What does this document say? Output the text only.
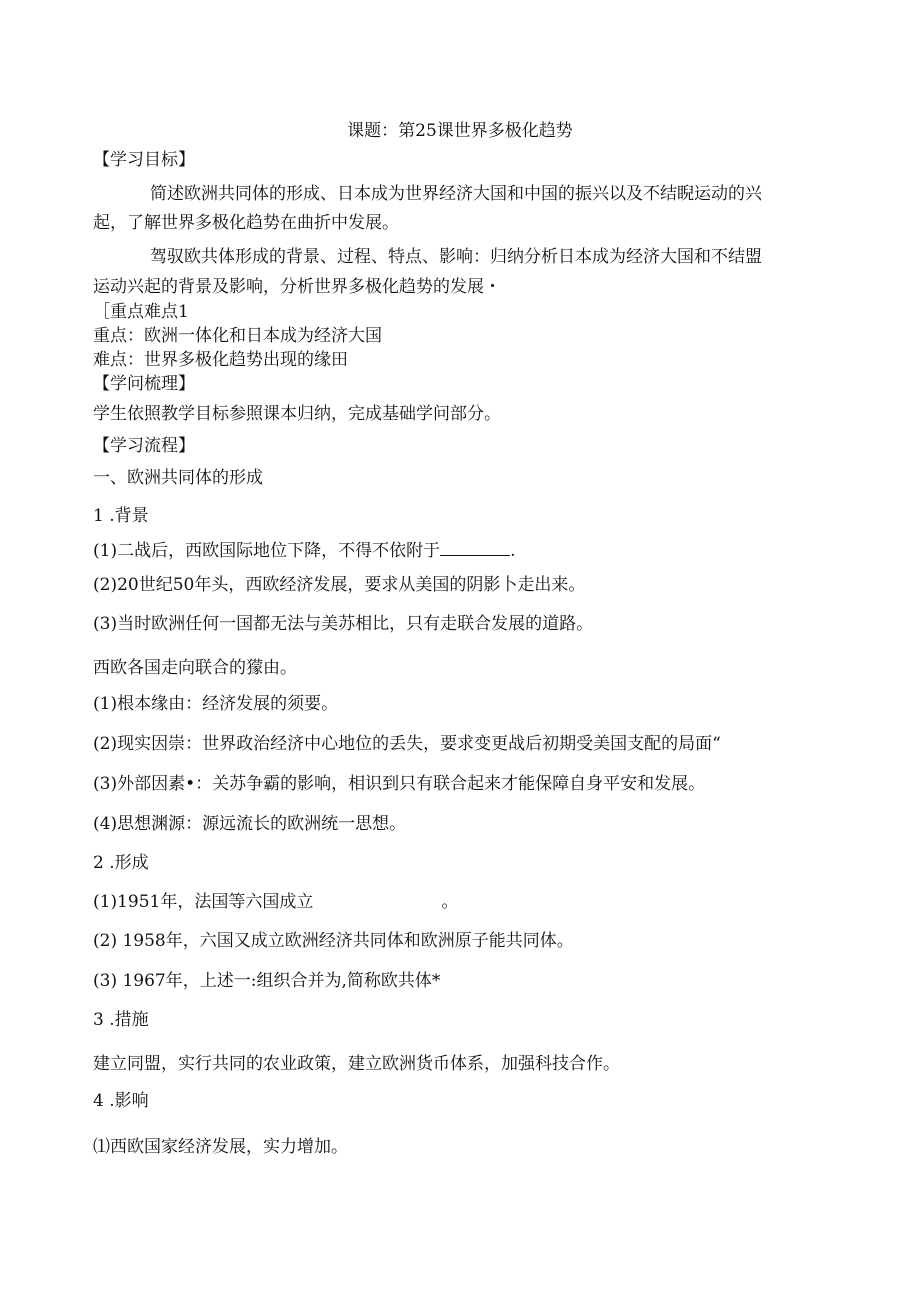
课题：第25课世界多极化趋势
【学习目标】
简述欧洲共同体的形成、日本成为世界经济大国和中国的振兴以及不结睨运动的兴
起，了解世界多极化趋势在曲折中发展。
驾驭欧共体形成的背景、过程、特点、影响：归纳分析日本成为经济大国和不结盟
运动兴起的背景及影响，分析世界多极化趋势的发展・
［重点难点1
重点：欧洲一体化和日本成为经济大国
难点：世界多极化趋势出现的缘田
【学问梳理】
学生依照教学目标参照课本归纳，完成基础学问部分。
【学习流程】
一、欧洲共同体的形成
1 .背景
(1)二战后，西欧国际地位下降，不得不依附于	.
(2)20世纪50年头，西欧经济发展，要求从美国的阴影卜走出来。
(3)当时欧洲任何一国都无法与美苏相比，只有走联合发展的道路。
西欧各国走向联合的獴由。
(1)根本缘由：经济发展的须要。
(2)现实因崇：世界政治经济中心地位的丢失，要求变更战后初期受美国支配的局面“
(3)外部因素•：关苏争霸的影响，相识到只有联合起来才能保障自身平安和发展。
(4)思想渊源：源远流长的欧洲统一思想。
2 .形成
(1)1951年，法国等六国成立	。
(2) 1958年，六国又成立欧洲经济共同体和欧洲原子能共同体。
(3) 1967年，上述一:组织合并为,简称欧共体*
3 .措施
建立同盟，实行共同的农业政策，建立欧洲货币体系，加强科技合作。
4 .影响
⑴西欧国家经济发展，实力增加。
